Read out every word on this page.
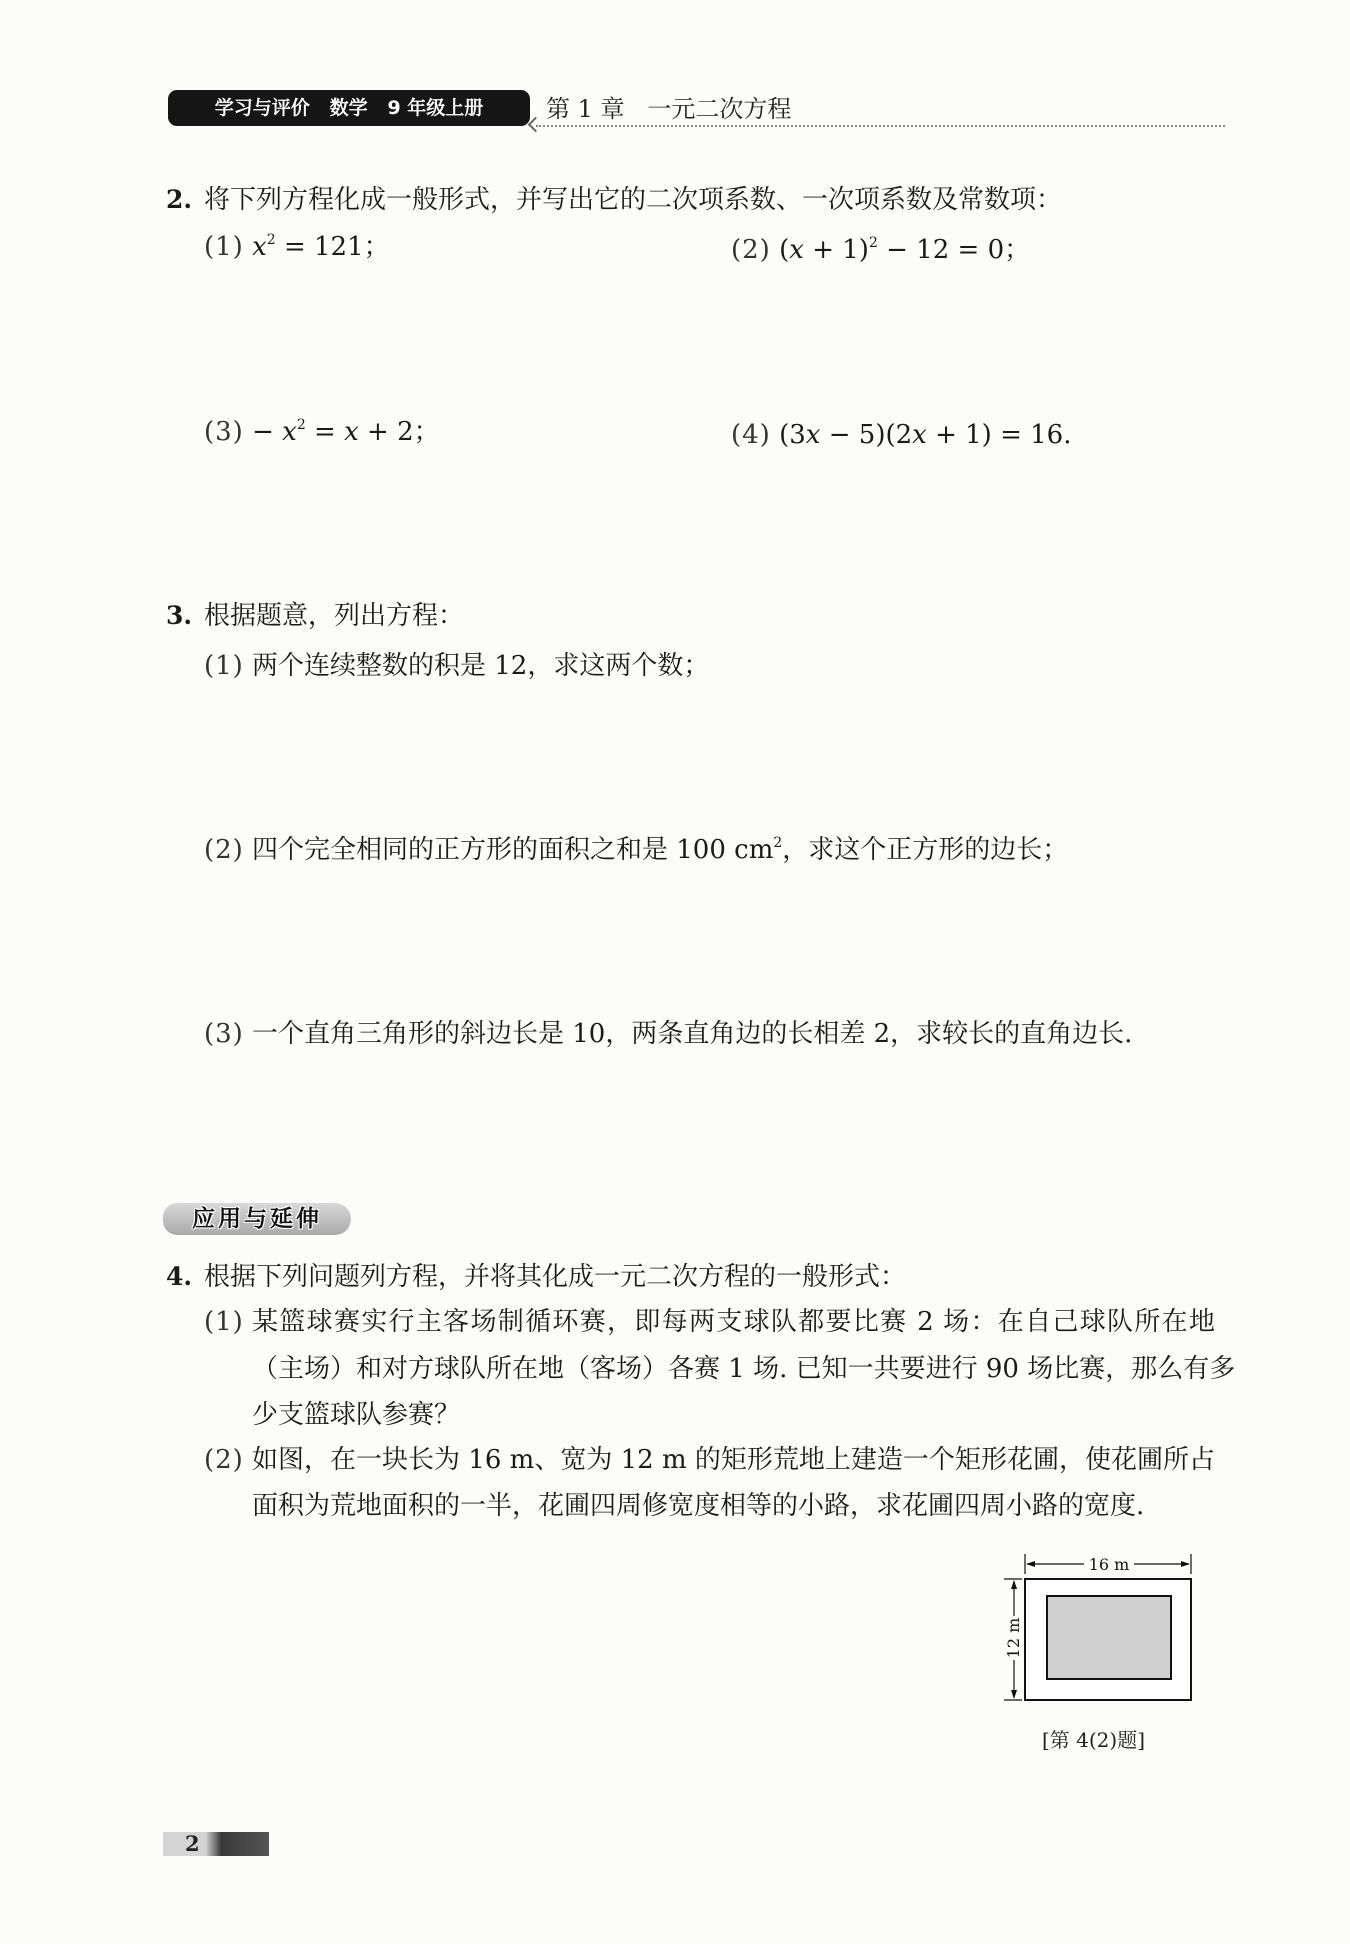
学习与评价 数学 9 年级上册	第 1 章 一元二次方程
2. 将下列方程化成一般形式，并写出它的二次项系数、一次项系数及常数项：
(1) $x^2 = 121$；	(2) $(x + 1)^2 - 12 = 0$；
$(3) - x^2 = x + 2$；	(4) (3x − 5)(2x + 1) = 16.
3. 根据题意，列出方程：
(1) 两个连续整数的积是 12，求这两个数；
(2) 四个完全相同的正方形的面积之和是 100 $cm^2$，求这个正方形的边长；
(3) 一个直角三角形的斜边长是 10，两条直角边的长相差 2，求较长的直角边长.
应用与延伸
4. 根据下列问题列方程，并将其化成一元二次方程的一般形式：
(1) 某篮球赛实行主客场制循环赛，即每两支球队都要比赛 2 场：在自己球队所在地
（主场）和对方球队所在地（客场）各赛 1 场. 已知一共要进行 90 场比赛，那么有多
少支篮球队参赛？
(2) 如图，在一块长为 16 m、宽为 12 m 的矩形荒地上建造一个矩形花圃，使花圃所占
面积为荒地面积的一半，花圃四周修宽度相等的小路，求花圃四周小路的宽度.
16 m
12 m
[第 4(2)题]
2
